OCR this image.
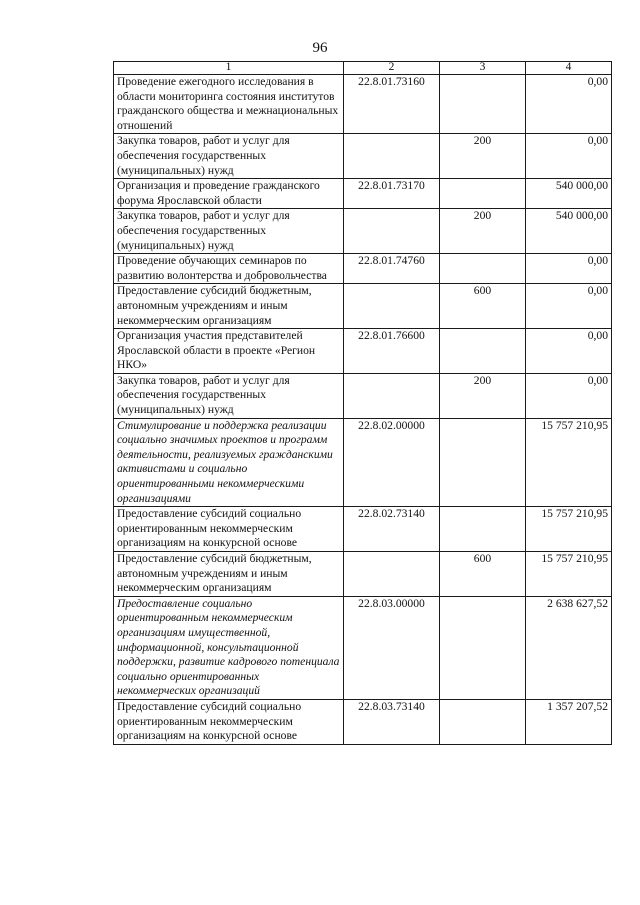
96
1	2	3	4
Проведение ежегодного исследования в области мониторинга состояния институтов гражданского общества и межнациональных отношений	22.8.01.73160		0,00
Закупка товаров, работ и услуг для обеспечения государственных (муниципальных) нужд		200	0,00
Организация и проведение гражданского форума Ярославской области	22.8.01.73170		540 000,00
Закупка товаров, работ и услуг для обеспечения государственных (муниципальных) нужд		200	540 000,00
Проведение обучающих семинаров по развитию волонтерства и добровольчества	22.8.01.74760		0,00
Предоставление субсидий бюджетным, автономным учреждениям и иным некоммерческим организациям		600	0,00
Организация участия представителей Ярославской области в проекте «Регион НКО»	22.8.01.76600		0,00
Закупка товаров, работ и услуг для обеспечения государственных (муниципальных) нужд		200	0,00
Стимулирование и поддержка реализации социально значимых проектов и программ деятельности, реализуемых гражданскими активистами и социально ориентированными некоммерческими организациями	22.8.02.00000		15 757 210,95
Предоставление субсидий социально ориентированным некоммерческим организациям на конкурсной основе	22.8.02.73140		15 757 210,95
Предоставление субсидий бюджетным, автономным учреждениям и иным некоммерческим организациям		600	15 757 210,95
Предоставление социально ориентированным некоммерческим организациям имущественной, информационной, консультационной поддержки, развитие кадрового потенциала социально ориентированных некоммерческих организаций	22.8.03.00000		2 638 627,52
Предоставление субсидий социально ориентированным некоммерческим организациям на конкурсной основе	22.8.03.73140		1 357 207,52
